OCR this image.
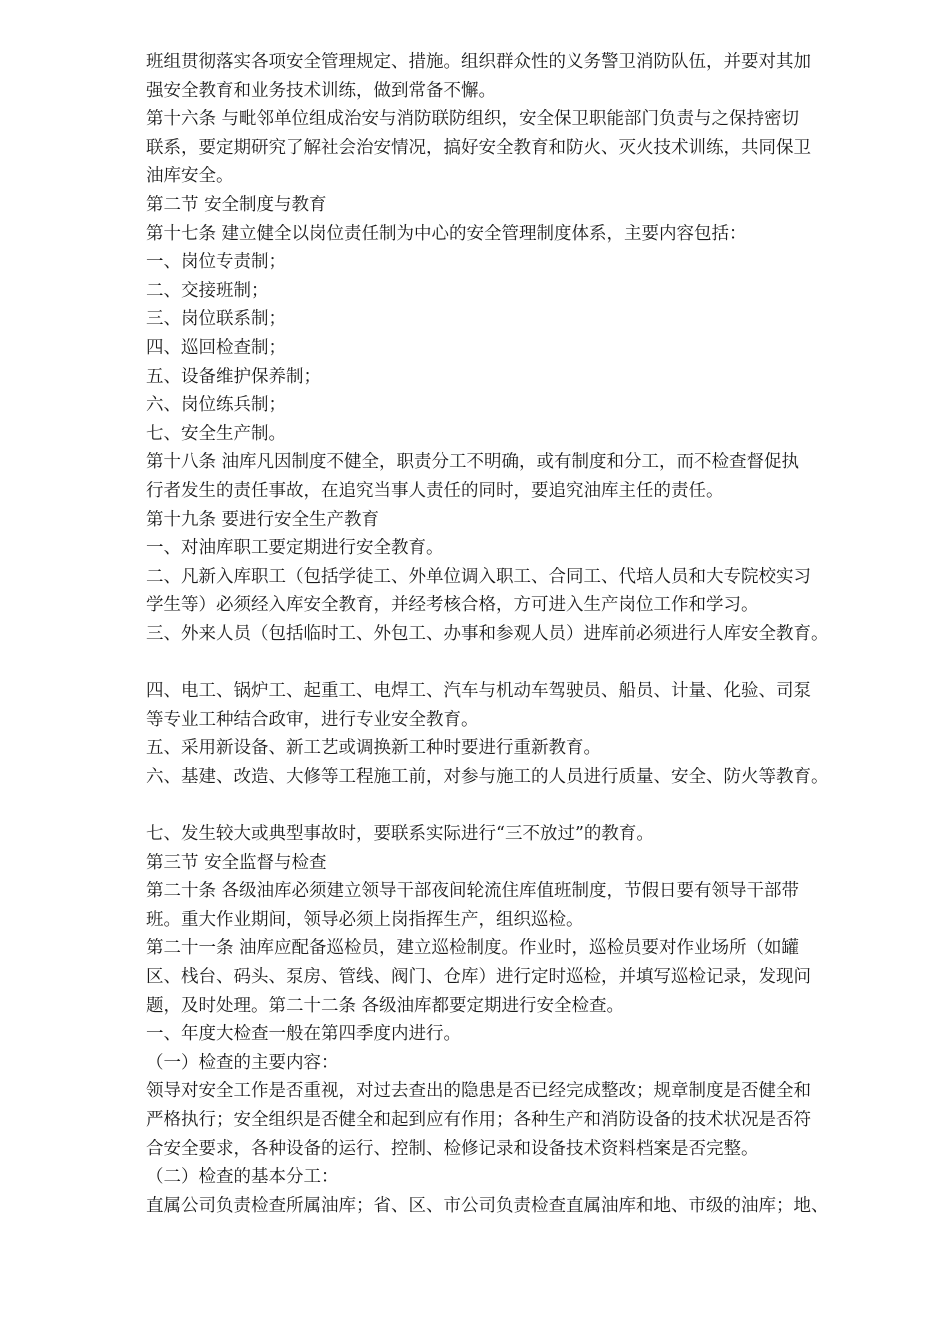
班组贯彻落实各项安全管理规定、措施。组织群众性的义务警卫消防队伍，并要对其加
强安全教育和业务技术训练，做到常备不懈。
第十六条 与毗邻单位组成治安与消防联防组织，安全保卫职能部门负责与之保持密切
联系，要定期研究了解社会治安情况，搞好安全教育和防火、灭火技术训练，共同保卫
油库安全。
第二节 安全制度与教育
第十七条 建立健全以岗位责任制为中心的安全管理制度体系，主要内容包括：
一、岗位专责制；
二、交接班制；
三、岗位联系制；
四、巡回检查制；
五、设备维护保养制；
六、岗位练兵制；
七、安全生产制。
第十八条 油库凡因制度不健全，职责分工不明确，或有制度和分工，而不检查督促执
行者发生的责任事故，在追究当事人责任的同时，要追究油库主任的责任。
第十九条 要进行安全生产教育
一、对油库职工要定期进行安全教育。
二、凡新入库职工（包括学徒工、外单位调入职工、合同工、代培人员和大专院校实习
学生等）必须经入库安全教育，并经考核合格，方可进入生产岗位工作和学习。
三、外来人员（包括临时工、外包工、办事和参观人员）进库前必须进行人库安全教育。
四、电工、锅炉工、起重工、电焊工、汽车与机动车驾驶员、船员、计量、化验、司泵
等专业工种结合政审，进行专业安全教育。
五、采用新设备、新工艺或调换新工种时要进行重新教育。
六、基建、改造、大修等工程施工前，对参与施工的人员进行质量、安全、防火等教育。
七、发生较大或典型事故时，要联系实际进行“三不放过”的教育。
第三节 安全监督与检查
第二十条 各级油库必须建立领导干部夜间轮流住库值班制度，节假日要有领导干部带
班。重大作业期间，领导必须上岗指挥生产，组织巡检。
第二十一条 油库应配备巡检员，建立巡检制度。作业时，巡检员要对作业场所（如罐
区、栈台、码头、泵房、管线、阀门、仓库）进行定时巡检，并填写巡检记录，发现问
题，及时处理。第二十二条 各级油库都要定期进行安全检查。
一、年度大检查一般在第四季度内进行。
（一）检查的主要内容：
领导对安全工作是否重视，对过去查出的隐患是否已经完成整改；规章制度是否健全和
严格执行；安全组织是否健全和起到应有作用；各种生产和消防设备的技术状况是否符
合安全要求，各种设备的运行、控制、检修记录和设备技术资料档案是否完整。
（二）检查的基本分工：
直属公司负责检查所属油库；省、区、市公司负责检查直属油库和地、市级的油库；地、
